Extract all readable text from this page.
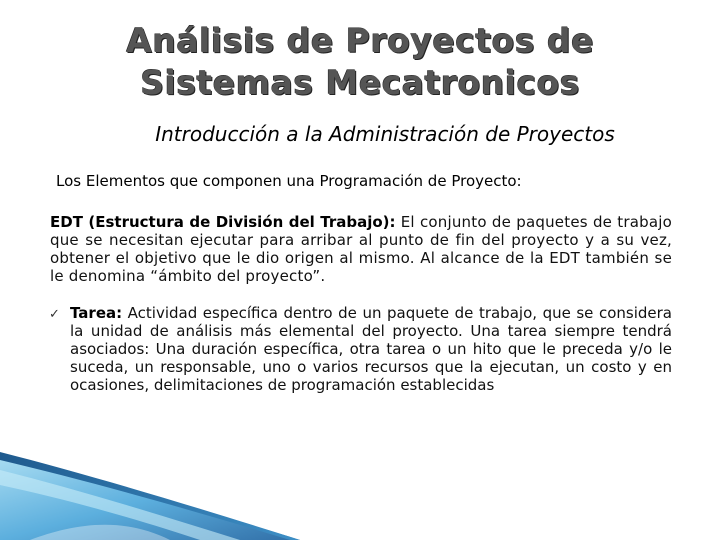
Análisis de Proyectos de
Sistemas Mecatronicos
Introducción a la Administración de Proyectos
Los Elementos que componen una Programación de Proyecto:
EDT (Estructura de División del Trabajo): El conjunto de paquetes de trabajo que se necesitan ejecutar para arribar al punto de fin del proyecto y a su vez, obtener el objetivo que le dio origen al mismo. Al alcance de la EDT también se le denomina “ámbito del proyecto”.
✓ Tarea: Actividad específica dentro de un paquete de trabajo, que se considera la unidad de análisis más elemental del proyecto. Una tarea siempre tendrá asociados: Una duración específica, otra tarea o un hito que le preceda y/o le suceda, un responsable, uno o varios recursos que la ejecutan, un costo y en ocasiones, delimitaciones de programación establecidas
